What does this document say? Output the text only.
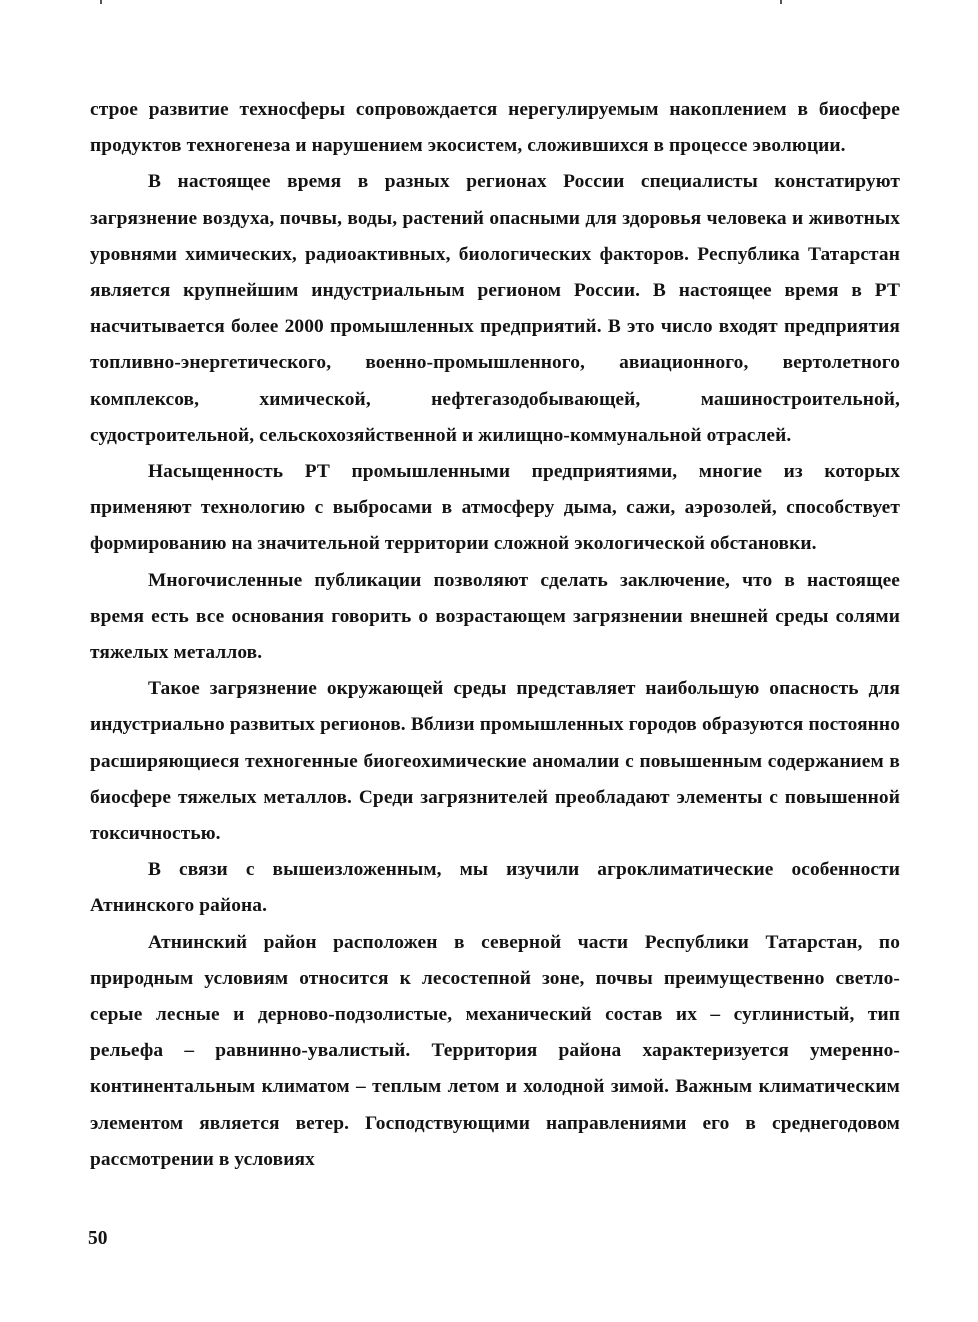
строе развитие техносферы сопровождается нерегулируемым накоплением в биосфере продуктов техногенеза и нарушением экосистем, сложившихся в процессе эволюции.

В настоящее время в разных регионах России специалисты констатируют загрязнение воздуха, почвы, воды, растений опасными для здоровья человека и животных уровнями химических, радиоактивных, биологических факторов. Республика Татарстан является крупнейшим индустриальным регионом России. В настоящее время в РТ насчитывается более 2000 промышленных предприятий. В это число входят предприятия топливно-энергетического, военно-промышленного, авиационного, вертолетного комплексов, химической, нефтегазодобывающей, машиностроительной, судостроительной, сельскохозяйственной и жилищно-коммунальной отраслей.

Насыщенность РТ промышленными предприятиями, многие из которых применяют технологию с выбросами в атмосферу дыма, сажи, аэрозолей, способствует формированию на значительной территории сложной экологической обстановки.

Многочисленные публикации позволяют сделать заключение, что в настоящее время есть все основания говорить о возрастающем загрязнении внешней среды солями тяжелых металлов.

Такое загрязнение окружающей среды представляет наибольшую опасность для индустриально развитых регионов. Вблизи промышленных городов образуются постоянно расширяющиеся техногенные биогеохимические аномалии с повышенным содержанием в биосфере тяжелых металлов. Среди загрязнителей преобладают элементы с повышенной токсичностью.

В связи с вышеизложенным, мы изучили агроклиматические особенности Атнинского района.

Атнинский район расположен в северной части Республики Татарстан, по природным условиям относится к лесостепной зоне, почвы преимущественно светло-серые лесные и дерново-подзолистые, механический состав их – суглинистый, тип рельефа – равнинно-увалистый. Территория района характеризуется умеренно-континентальным климатом – теплым летом и холодной зимой. Важным климатическим элементом является ветер. Господствующими направлениями его в среднегодовом рассмотрении в условиях

50
